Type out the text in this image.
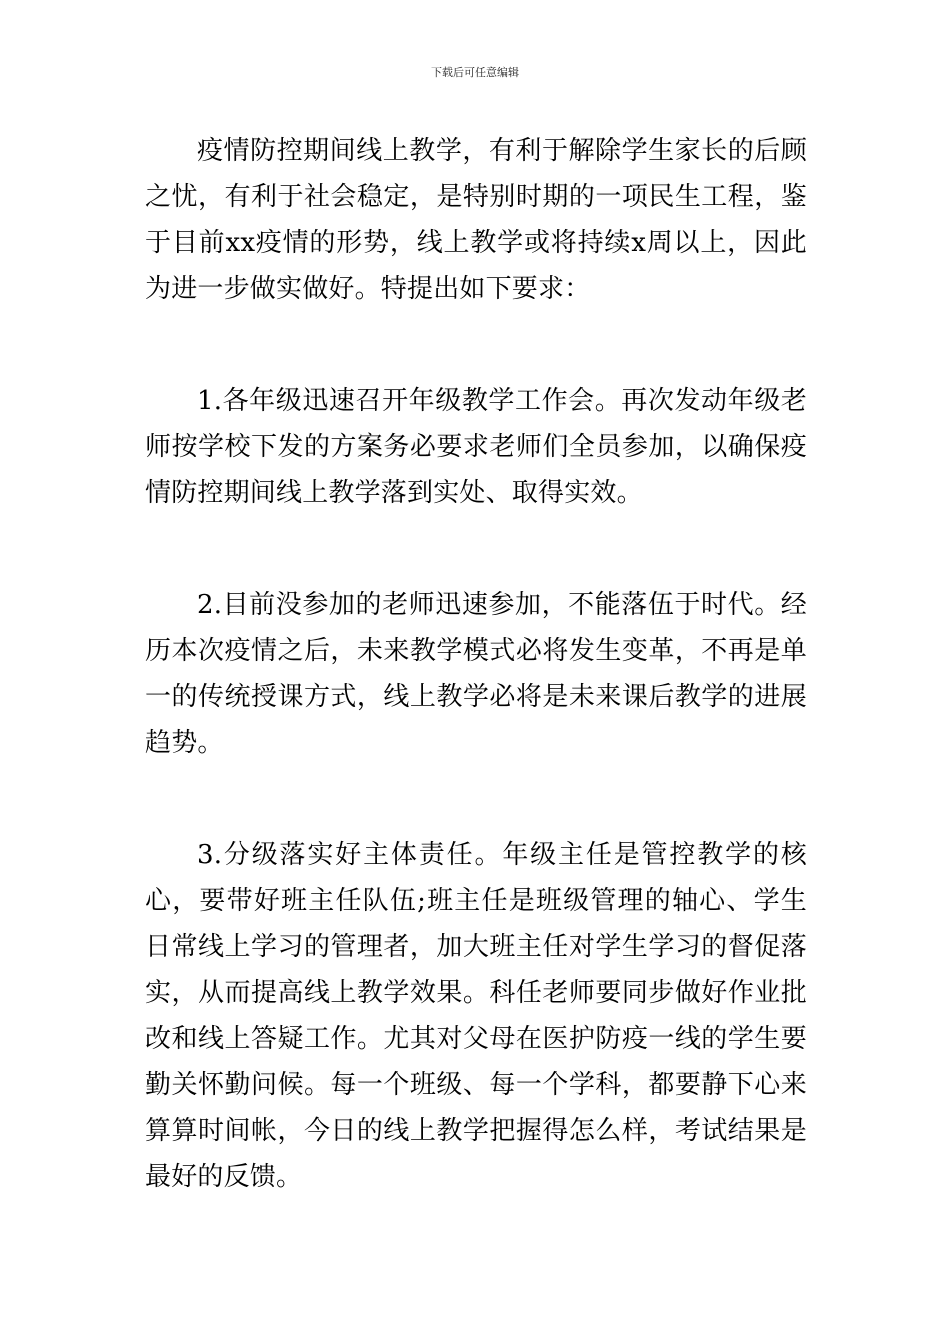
下载后可任意编辑

疫情防控期间线上教学，有利于解除学生家长的后顾之忧，有利于社会稳定，是特别时期的一项民生工程，鉴于目前xx疫情的形势，线上教学或将持续x周以上，因此为进一步做实做好。特提出如下要求：

1.各年级迅速召开年级教学工作会。再次发动年级老师按学校下发的方案务必要求老师们全员参加，以确保疫情防控期间线上教学落到实处、取得实效。

2.目前没参加的老师迅速参加，不能落伍于时代。经历本次疫情之后，未来教学模式必将发生变革，不再是单一的传统授课方式，线上教学必将是未来课后教学的进展趋势。

3.分级落实好主体责任。年级主任是管控教学的核心，要带好班主任队伍;班主任是班级管理的轴心、学生日常线上学习的管理者，加大班主任对学生学习的督促落实，从而提高线上教学效果。科任老师要同步做好作业批改和线上答疑工作。尤其对父母在医护防疫一线的学生要勤关怀勤问候。每一个班级、每一个学科，都要静下心来算算时间帐，今日的线上教学把握得怎么样，考试结果是最好的反馈。
